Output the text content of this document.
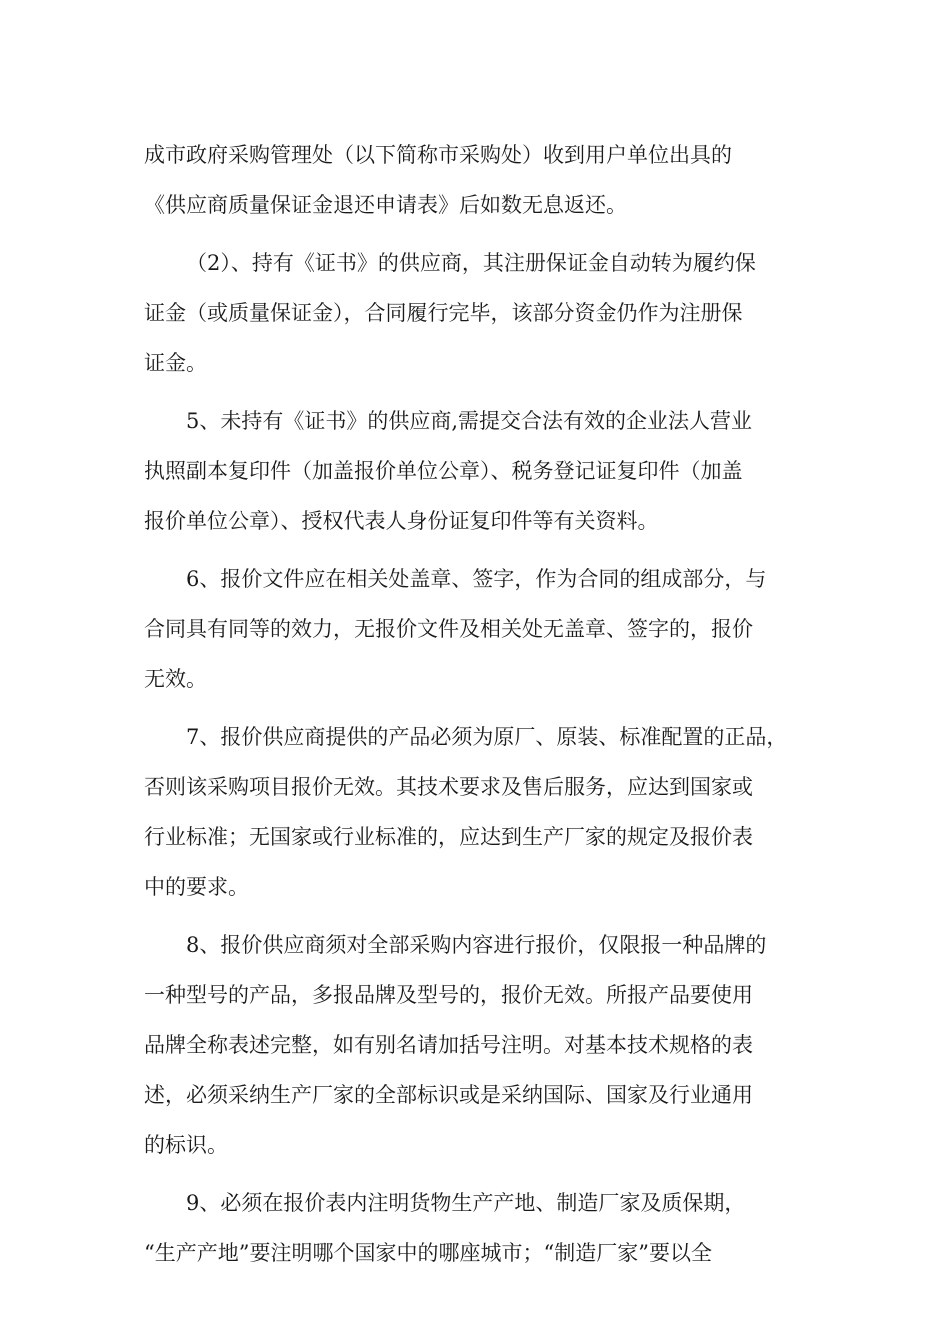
成市政府采购管理处（以下简称市采购处）收到用户单位出具的
《供应商质量保证金退还申请表》后如数无息返还。
（2）、持有《证书》的供应商，其注册保证金自动转为履约保
证金（或质量保证金），合同履行完毕，该部分资金仍作为注册保
证金。
5、未持有《证书》的供应商,需提交合法有效的企业法人营业
执照副本复印件（加盖报价单位公章）、税务登记证复印件（加盖
报价单位公章）、授权代表人身份证复印件等有关资料。
6、报价文件应在相关处盖章、签字，作为合同的组成部分，与
合同具有同等的效力，无报价文件及相关处无盖章、签字的，报价
无效。
7、报价供应商提供的产品必须为原厂、原装、标准配置的正品，
否则该采购项目报价无效。其技术要求及售后服务，应达到国家或
行业标准；无国家或行业标准的，应达到生产厂家的规定及报价表
中的要求。
8、报价供应商须对全部采购内容进行报价，仅限报一种品牌的
一种型号的产品，多报品牌及型号的，报价无效。所报产品要使用
品牌全称表述完整，如有别名请加括号注明。对基本技术规格的表
述，必须采纳生产厂家的全部标识或是采纳国际、国家及行业通用
的标识。
9、必须在报价表内注明货物生产产地、制造厂家及质保期，
“生产产地”要注明哪个国家中的哪座城市；“制造厂家”要以全
